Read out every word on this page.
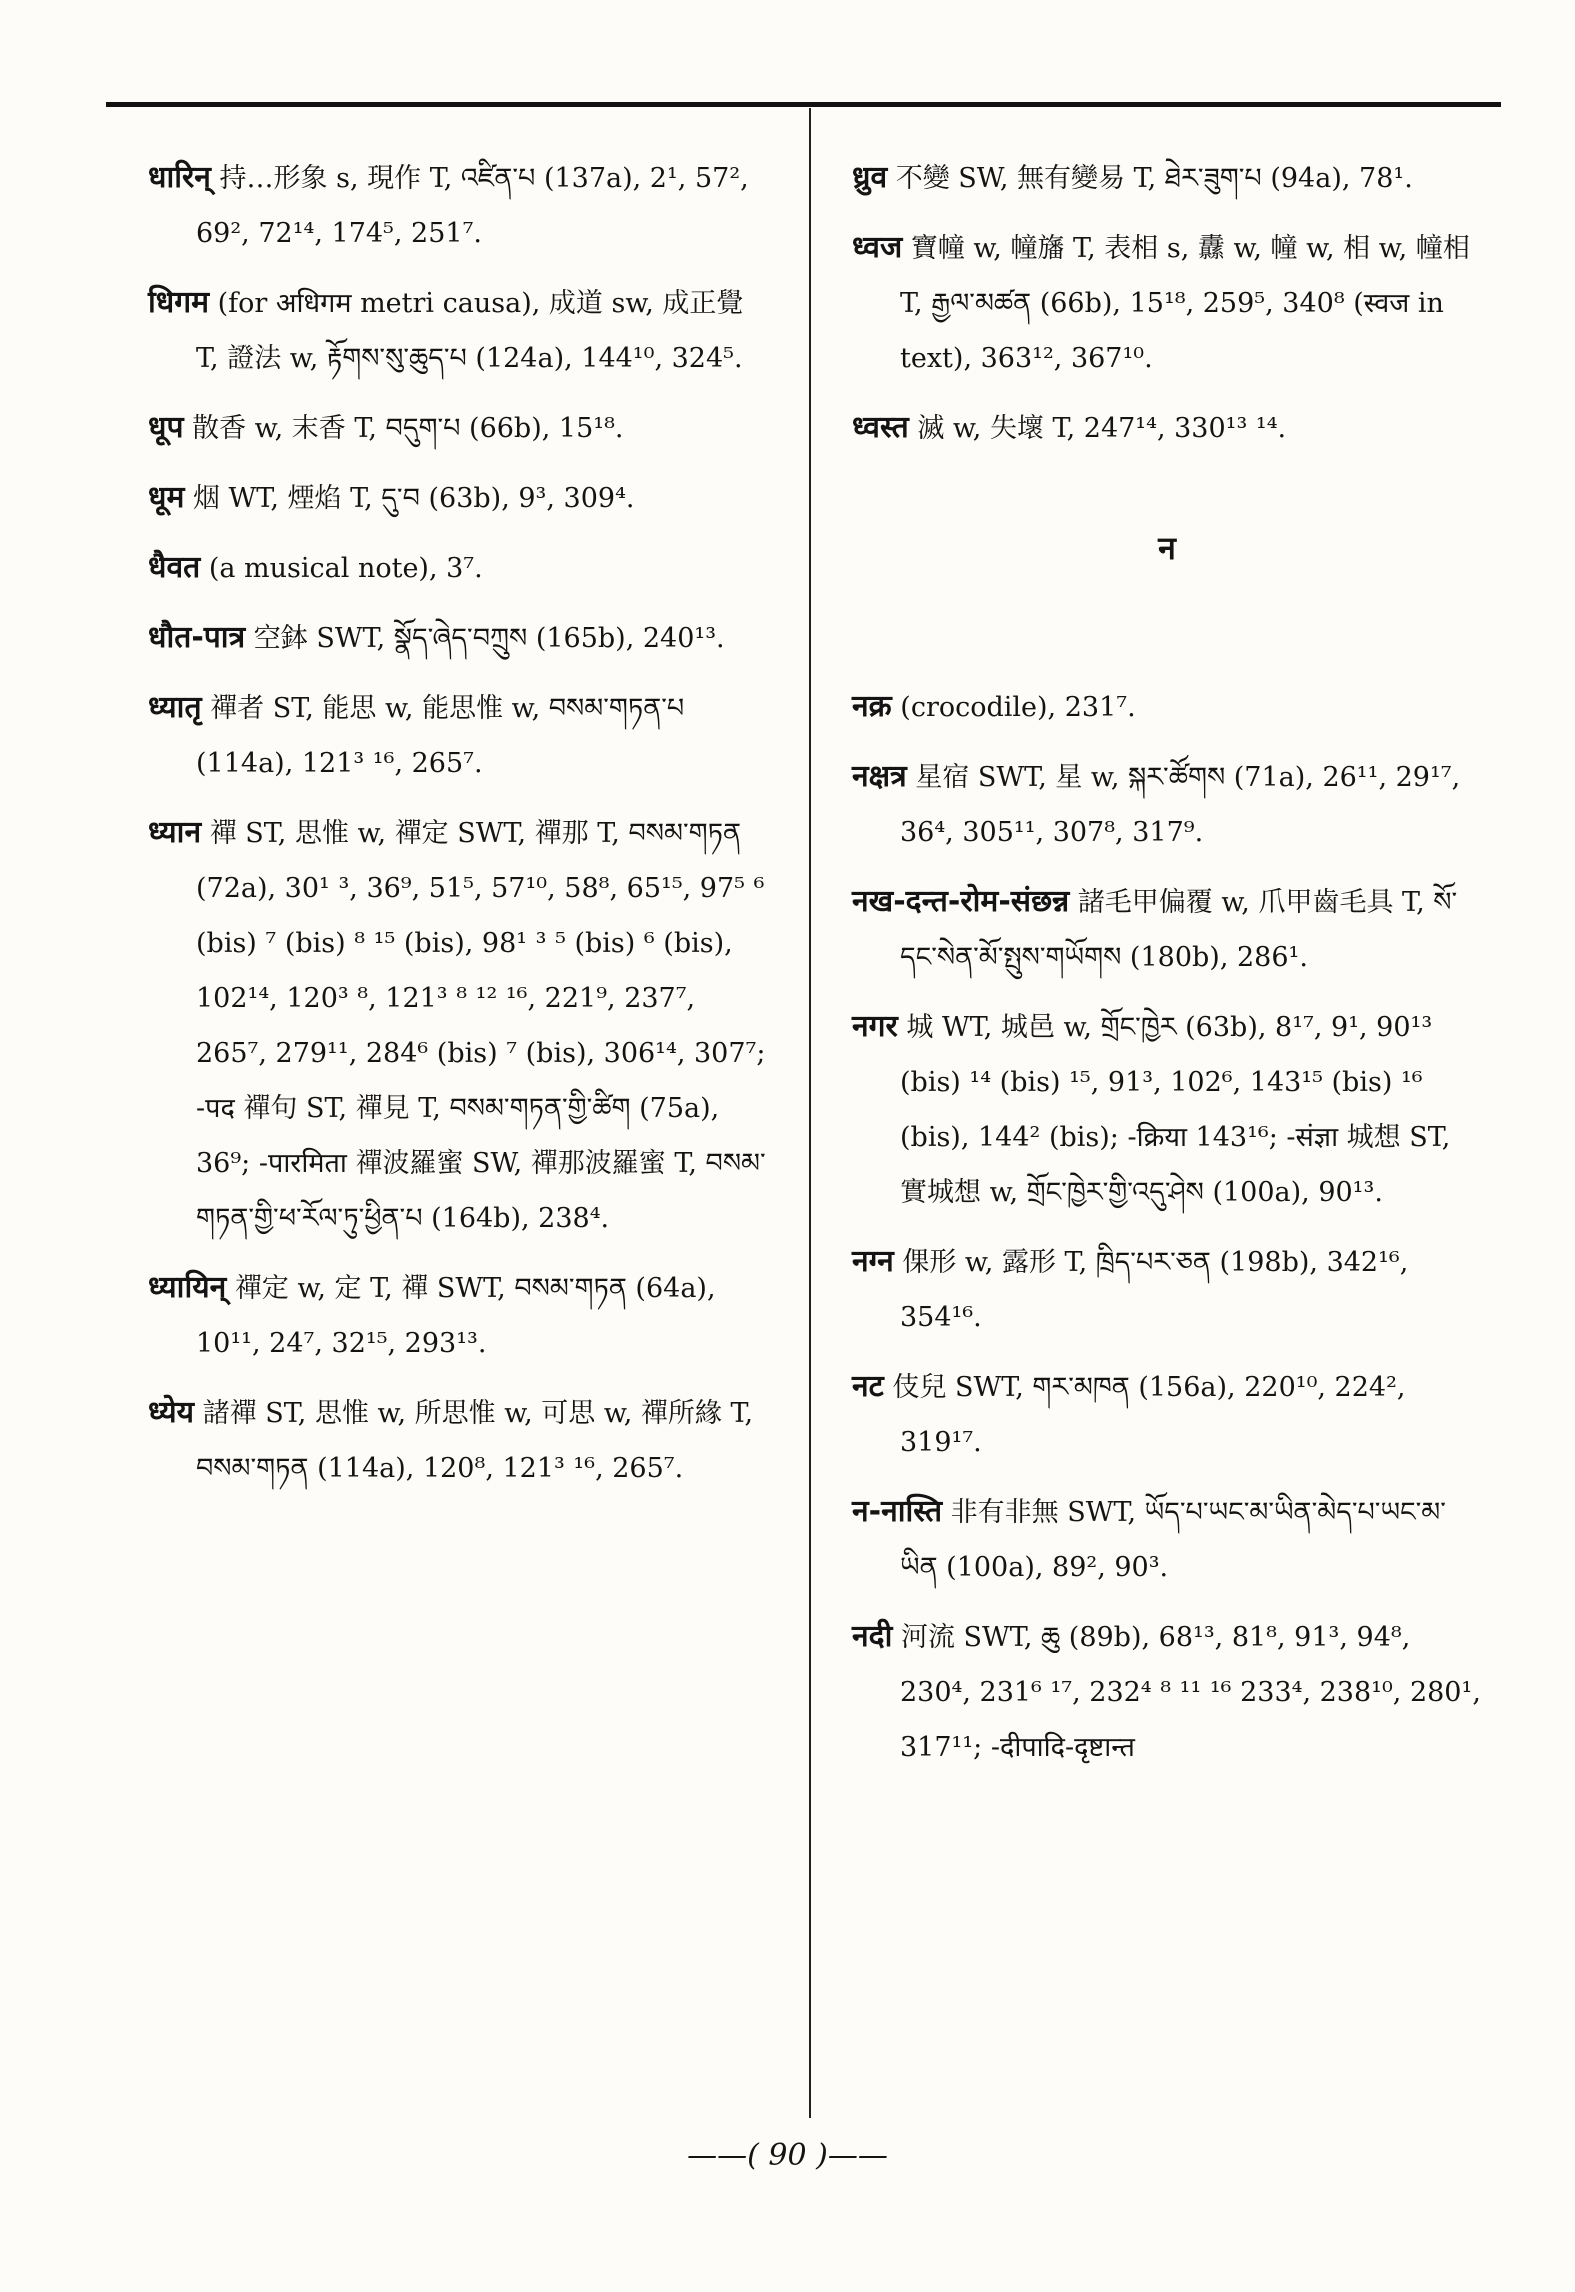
धारिन् 持…形象 s, 現作 T, འཛིན་པ (137a), 2¹, 57², 69², 72¹⁴, 174⁵, 251⁷.

धिगम (for अधिगम metri causa), 成道 sw, 成正覺 T, 證法 w, རྟོགས་སུ་ཆུད་པ (124a), 144¹⁰, 324⁵.

धूप 散香 w, 末香 T, བདུག་པ (66b), 15¹⁸.

धूम 烟 WT, 煙焰 T, དུ་བ (63b), 9³, 309⁴.

धैवत (a musical note), 3⁷.

धौत-पात्र 空鉢 SWT, སྣོད་ཞེད་བཀྲུས (165b), 240¹³.

ध्यातृ 禪者 ST, 能思 w, 能思惟 w, བསམ་གཏན་པ (114a), 121³ ¹⁶, 265⁷.

ध्यान 禪 ST, 思惟 w, 禪定 SWT, 禪那 T, བསམ་གཏན (72a), 30¹ ³, 36⁹, 51⁵, 57¹⁰, 58⁸, 65¹⁵, 97⁵ ⁶ (bis) ⁷ (bis) ⁸ ¹⁵ (bis), 98¹ ³ ⁵ (bis) ⁶ (bis), 102¹⁴, 120³ ⁸, 121³ ⁸ ¹² ¹⁶, 221⁹, 237⁷, 265⁷, 279¹¹, 284⁶ (bis) ⁷ (bis), 306¹⁴, 307⁷; -पद 禪句 ST, 禪見 T, བསམ་གཏན་གྱི་ཚིག (75a), 36⁹; -पारमिता 禪波羅蜜 SW, 禪那波羅蜜 T, བསམ་གཏན་གྱི་ཕ་རོལ་ཏུ་ཕྱིན་པ (164b), 238⁴.

ध्यायिन् 禪定 w, 定 T, 禪 SWT, བསམ་གཏན (64a), 10¹¹, 24⁷, 32¹⁵, 293¹³.

ध्येय 諸禪 ST, 思惟 w, 所思惟 w, 可思 w, 禪所緣 T, བསམ་གཏན (114a), 120⁸, 121³ ¹⁶, 265⁷.

ध्रुव 不變 SW, 無有變易 T, ཐེར་ཟུག་པ (94a), 78¹.

ध्वज 寶幢 w, 幢旛 T, 表相 s, 纛 w, 幢 w, 相 w, 幢相 T, རྒྱལ་མཚན (66b), 15¹⁸, 259⁵, 340⁸ (स्वज in text), 363¹², 367¹⁰.

ध्वस्त 滅 w, 失壞 T, 247¹⁴, 330¹³ ¹⁴.

न

नक्र (crocodile), 231⁷.

नक्षत्र 星宿 SWT, 星 w, སྐར་ཚོགས (71a), 26¹¹, 29¹⁷, 36⁴, 305¹¹, 307⁸, 317⁹.

नख-दन्त-रोम-संछन्न 諸毛甲偏覆 w, 爪甲齒毛具 T, སོ་དང་སེན་མོ་སྤུས་གཡོགས (180b), 286¹.

नगर 城 WT, 城邑 w, གྲོང་ཁྱེར (63b), 8¹⁷, 9¹, 90¹³ (bis) ¹⁴ (bis) ¹⁵, 91³, 102⁶, 143¹⁵ (bis) ¹⁶ (bis), 144² (bis); -क्रिया 143¹⁶; -संज्ञा 城想 ST, 實城想 w, གྲོང་ཁྱེར་གྱི་འདུ་ཤེས (100a), 90¹³.

नग्न 倮形 w, 露形 T, ཁྲིད་པར་ཅན (198b), 342¹⁶, 354¹⁶.

नट 伎兒 SWT, གར་མཁན (156a), 220¹⁰, 224², 319¹⁷.

न-नास्ति 非有非無 SWT, ཡོད་པ་ཡང་མ་ཡིན་མེད་པ་ཡང་མ་ཡིན (100a), 89², 90³.

नदी 河流 SWT, ཆུ (89b), 68¹³, 81⁸, 91³, 94⁸, 230⁴, 231⁶ ¹⁷, 232⁴ ⁸ ¹¹ ¹⁶ 233⁴, 238¹⁰, 280¹, 317¹¹; -दीपादि-दृष्टान्त

——( 90 )——
